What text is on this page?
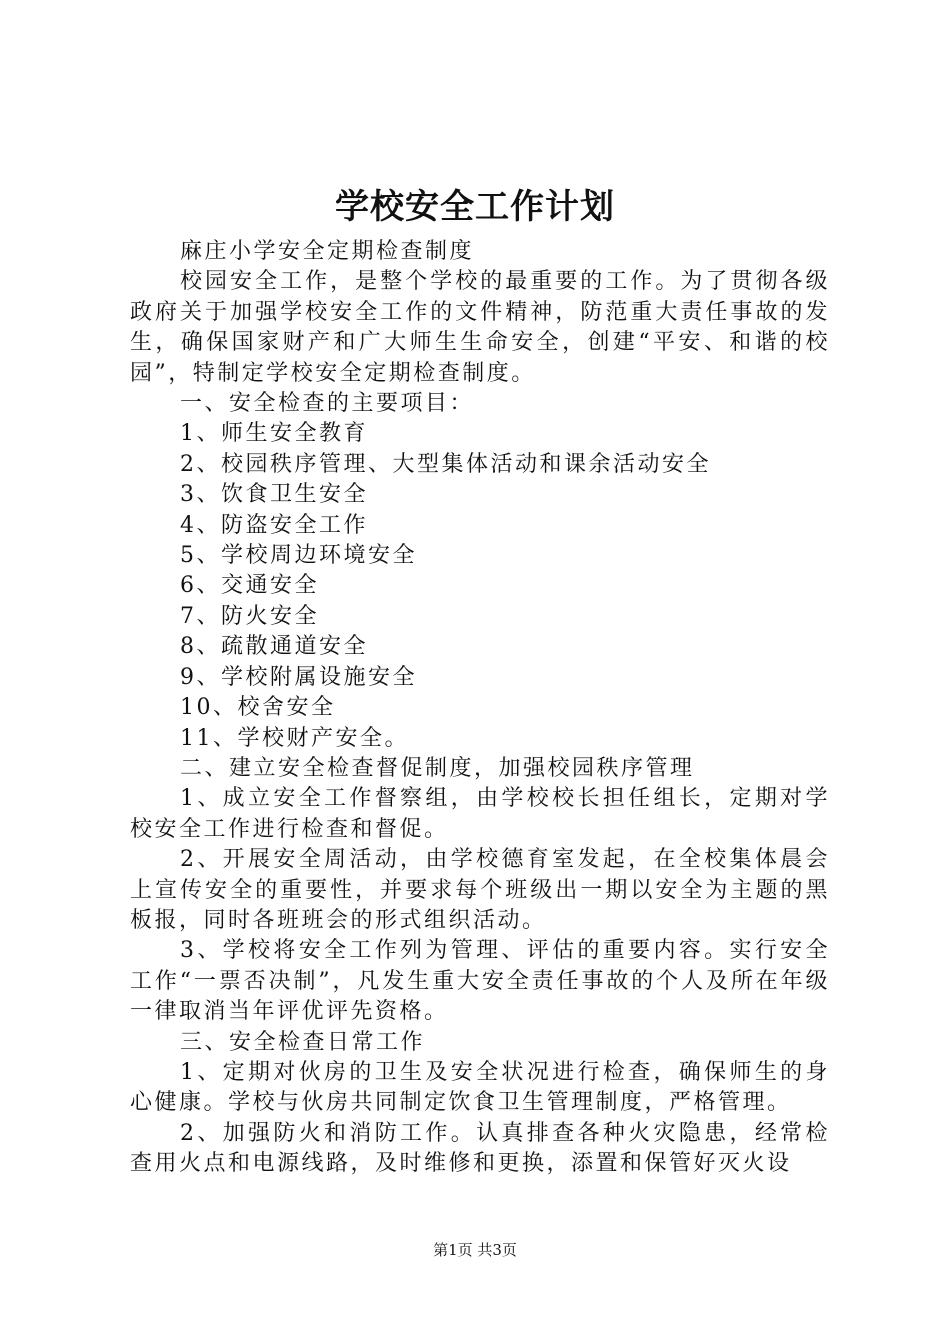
学校安全工作计划

麻庄小学安全定期检查制度

校园安全工作，是整个学校的最重要的工作。为了贯彻各级政府关于加强学校安全工作的文件精神，防范重大责任事故的发生，确保国家财产和广大师生生命安全，创建“平安、和谐的校园”，特制定学校安全定期检查制度。

一、安全检查的主要项目：

1、师生安全教育

2、校园秩序管理、大型集体活动和课余活动安全

3、饮食卫生安全

4、防盗安全工作

5、学校周边环境安全

6、交通安全

7、防火安全

8、疏散通道安全

9、学校附属设施安全

10、校舍安全

11、学校财产安全。

二、建立安全检查督促制度，加强校园秩序管理

1、成立安全工作督察组，由学校校长担任组长，定期对学校安全工作进行检查和督促。

2、开展安全周活动，由学校德育室发起，在全校集体晨会上宣传安全的重要性，并要求每个班级出一期以安全为主题的黑板报，同时各班班会的形式组织活动。

3、学校将安全工作列为管理、评估的重要内容。实行安全工作“一票否决制”，凡发生重大安全责任事故的个人及所在年级一律取消当年评优评先资格。

三、安全检查日常工作

1、定期对伙房的卫生及安全状况进行检查，确保师生的身心健康。学校与伙房共同制定饮食卫生管理制度，严格管理。

2、加强防火和消防工作。认真排查各种火灾隐患，经常检查用火点和电源线路，及时维修和更换，添置和保管好灭火设

第1页 共3页
